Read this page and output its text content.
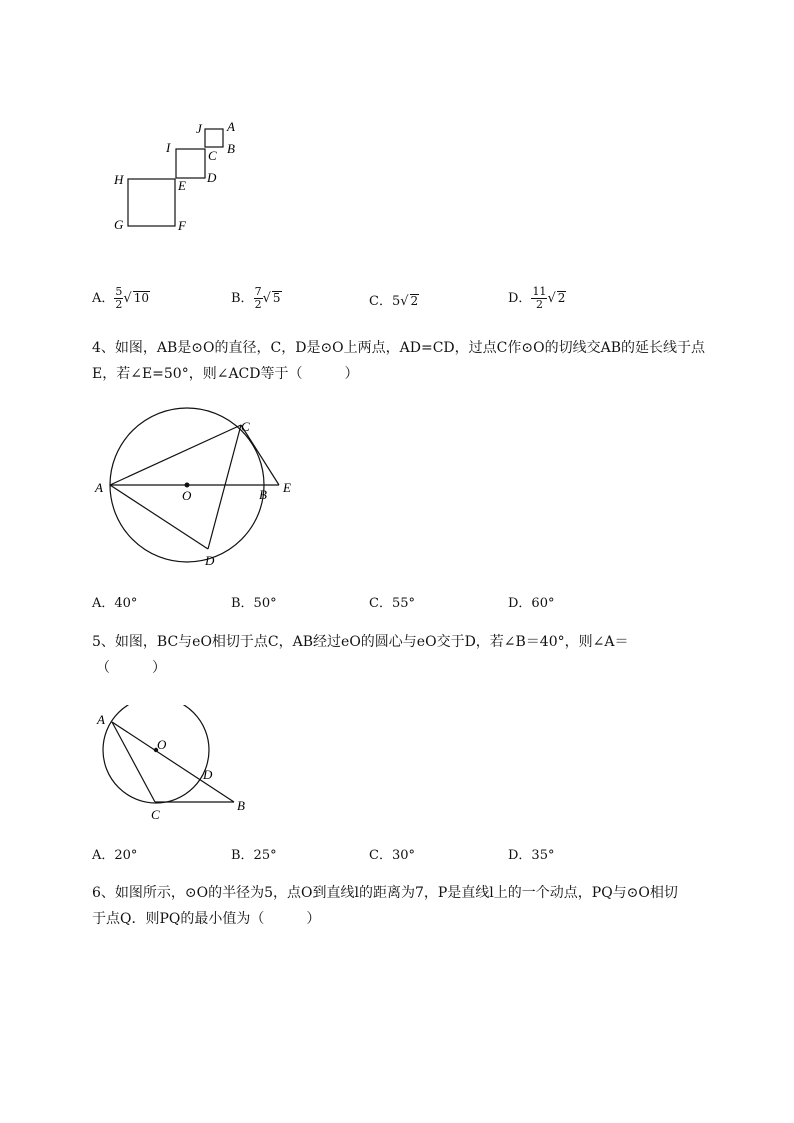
J A
I
C B
H	E
D
G	F
A． $\frac{5}{2}$ √ 10	B． $\frac{7}{2}$ √ 5	C．5√ 2	D． $\frac{11}{2}$ √ 2
4、如图，AB是⊙O的直径，C，D是⊙O上两点，AD=CD，过点C作⊙O的切线交AB的延长线于点
E，若∠E=50°，则∠ACD等于（　　　）
A
O	B E
C
D
A．40°	B．50°	C．55°	D．60°
5、如图，BC与eO相切于点C，AB经过eO的圆心与eO交于D，若∠B＝40°，则∠A＝
（　　　）
A
O
D
C
B
A．20°	B．25°	C．30°	D．35°
6、如图所示，⊙O的半径为5，点O到直线l的距离为7，P是直线l上的一个动点，PQ与⊙O相切
于点Q．则PQ的最小值为（　　　）
